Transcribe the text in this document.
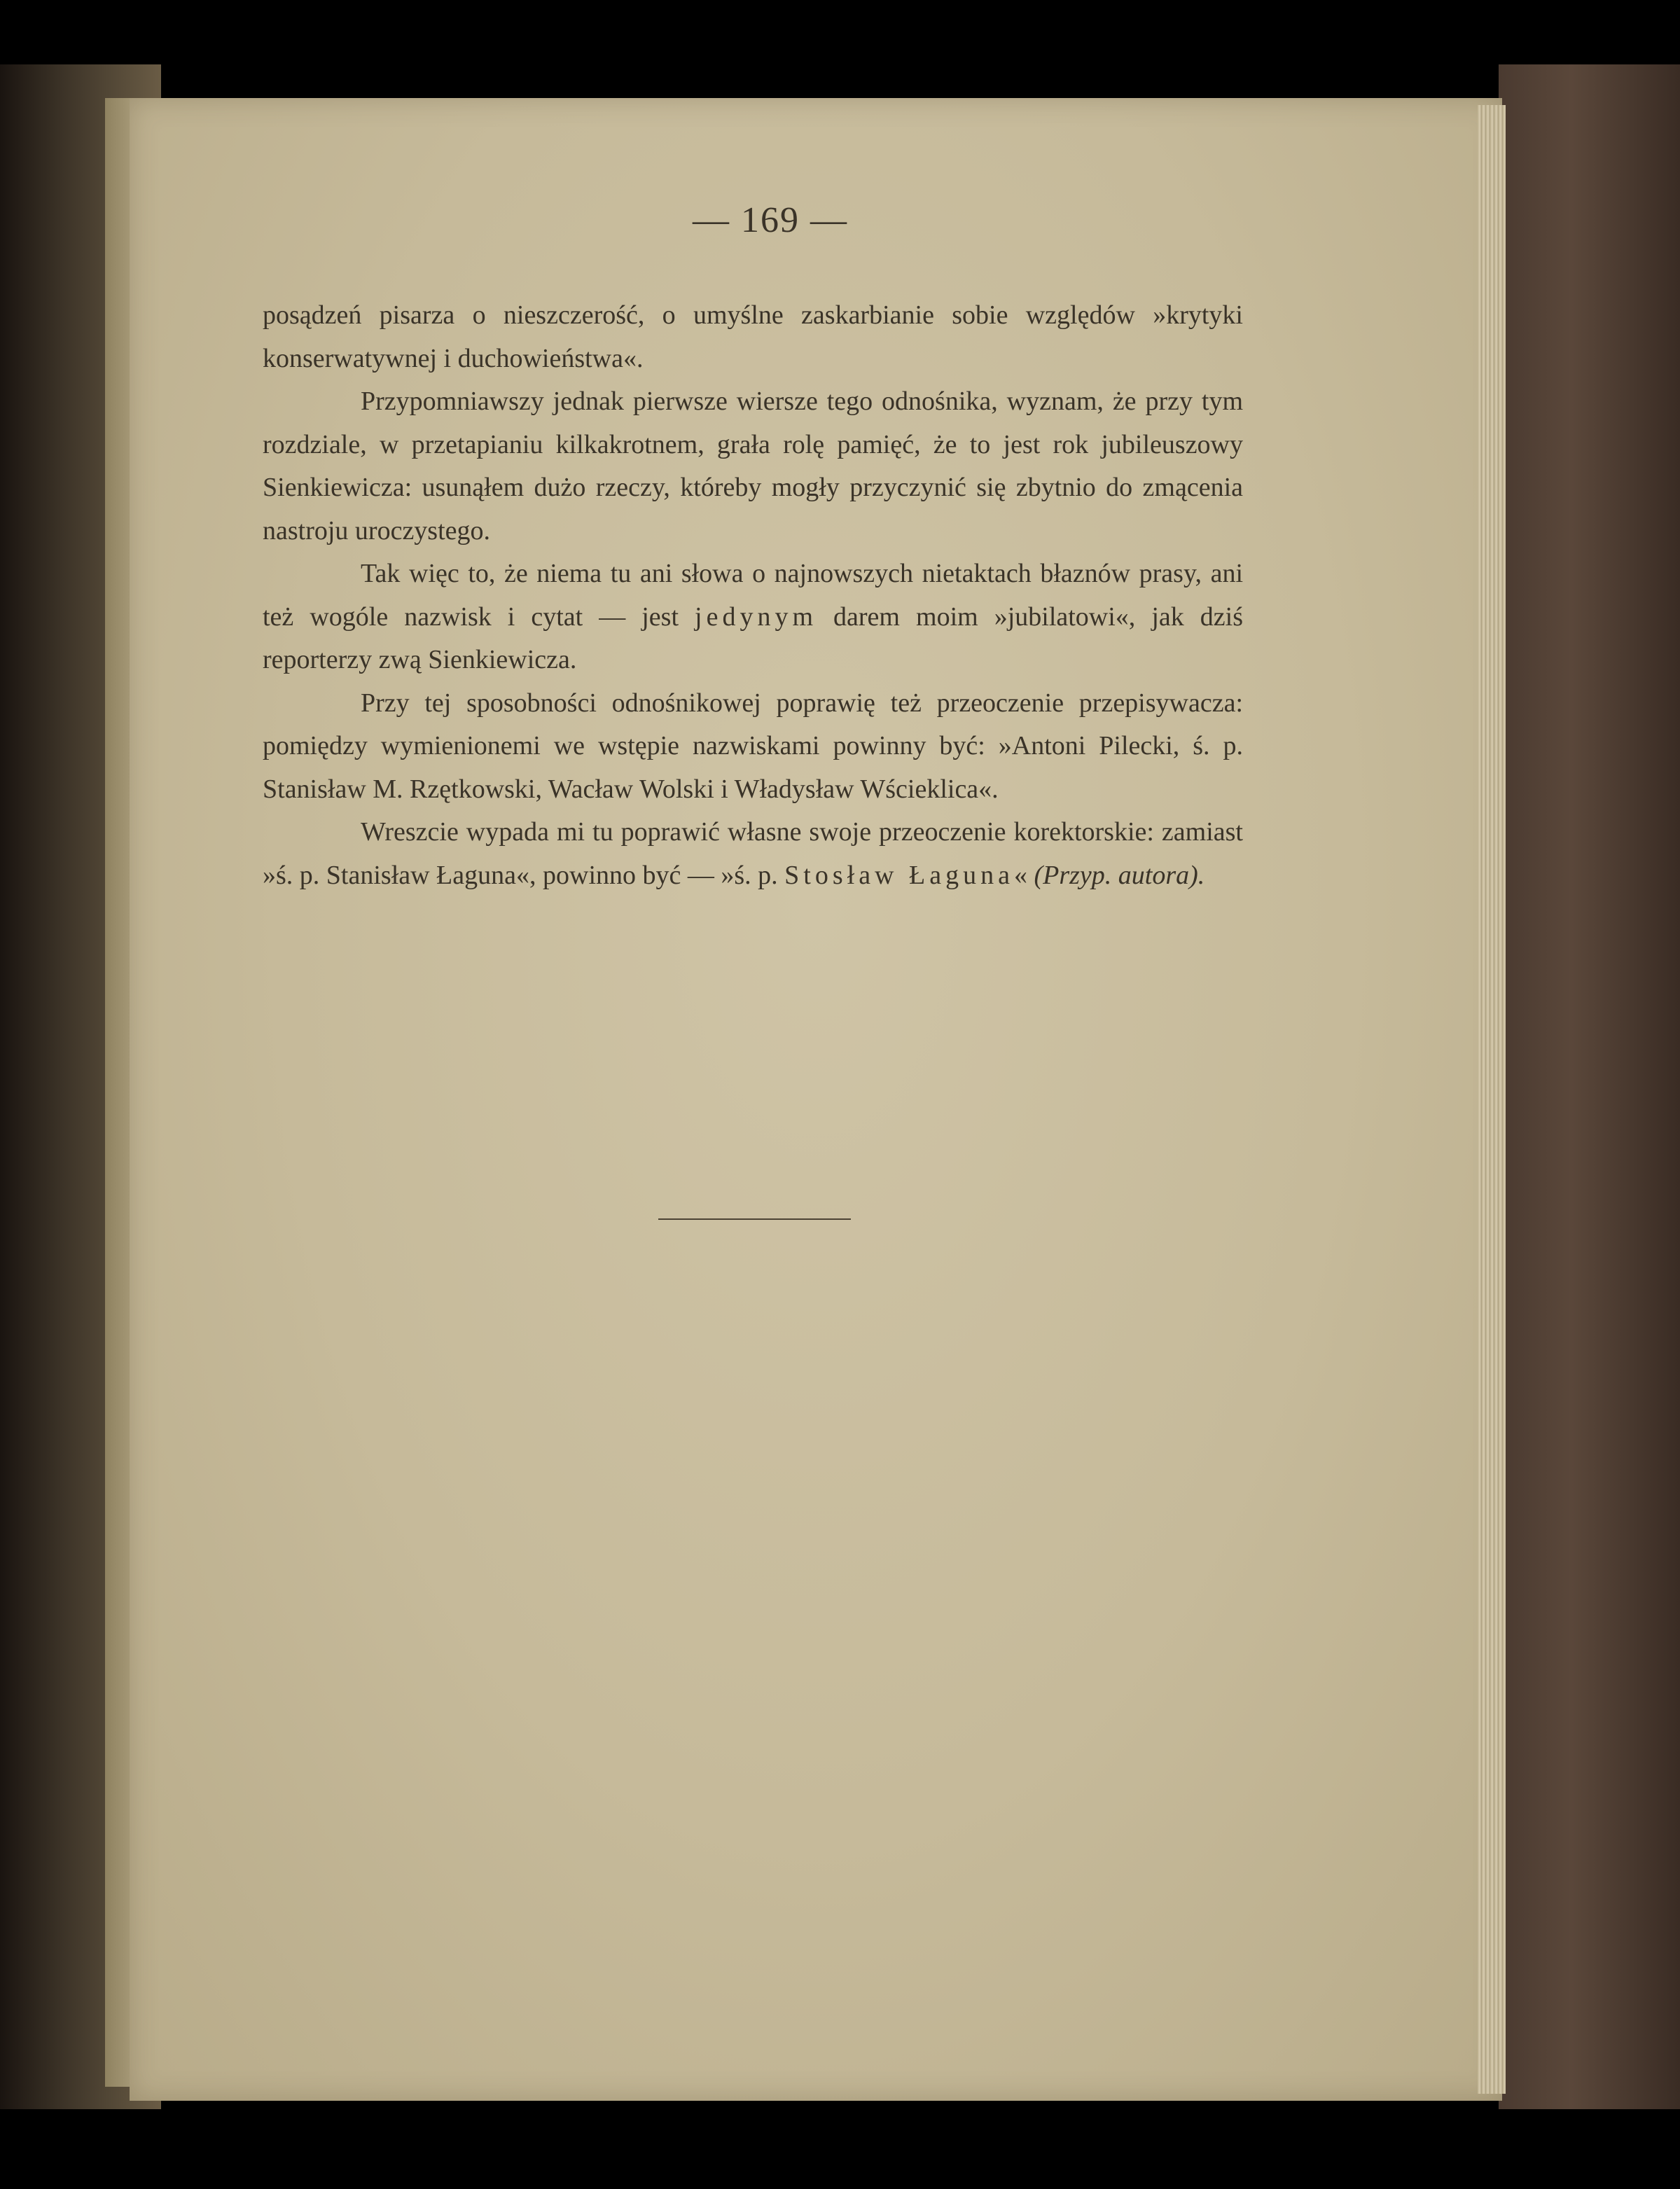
— 169 —

posądzeń pisarza o nieszczerość, o umyślne zaskarbianie sobie względów »krytyki konserwatywnej i duchowieństwa«.

Przypomniawszy jednak pierwsze wiersze tego odnośnika, wyznam, że przy tym rozdziale, w przetapianiu kilkakrotnem, grała rolę pamięć, że to jest rok jubileuszowy Sienkiewicza: usunąłem dużo rzeczy, któreby mogły przyczynić się zbytnio do zmącenia nastroju uroczystego.

Tak więc to, że niema tu ani słowa o najnowszych nietaktach błaznów prasy, ani też wogóle nazwisk i cytat — jest jedynym darem moim »jubilatowi«, jak dziś reporterzy zwą Sienkiewicza.

Przy tej sposobności odnośnikowej poprawię też przeoczenie przepisywacza: pomiędzy wymienionemi we wstępie nazwiskami powinny być: »Antoni Pilecki, ś. p. Stanisław M. Rzętkowski, Wacław Wolski i Władysław Wścieklica«.

Wreszcie wypada mi tu poprawić własne swoje przeoczenie korektorskie: zamiast »ś. p. Stanisław Łaguna«, powinno być — »ś. p. Stosław Łaguna« (Przyp. autora).
